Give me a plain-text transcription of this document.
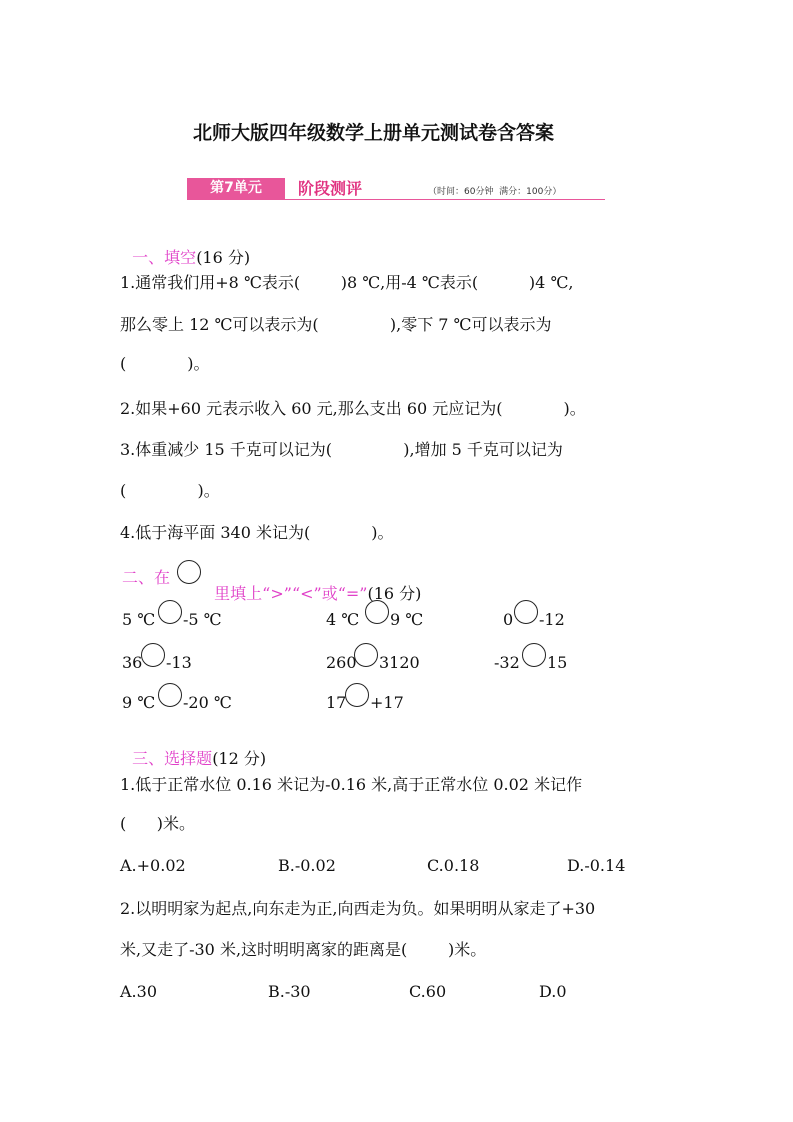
北师大版四年级数学上册单元测试卷含答案
第7单元	阶段测评	（时间：60分钟  满分：100分）

一、填空(16 分)

1.通常我们用+8 ℃表示(        )8 ℃,用-4 ℃表示(          )4 ℃,
那么零上 12 ℃可以表示为(              ),零下 7 ℃可以表示为
(            )。
2.如果+60 元表示收入 60 元,那么支出 60 元应记为(            )。
3.体重减少 15 千克可以记为(              ),增加 5 千克可以记为
(              )。
4.低于海平面 340 米记为(            )。
二、在

里填上“>”“<”或“=”(16 分)

5 ℃ -5 ℃	4 ℃ 9 ℃	0 -12
36 -13	260 3120	-32 15
9 ℃ -20 ℃	17 +17

三、选择题(12 分)

1.低于正常水位 0.16 米记为-0.16 米,高于正常水位 0.02 米记作
(      )米。
A.+0.02	B.-0.02	C.0.18	D.-0.14
2.以明明家为起点,向东走为正,向西走为负。如果明明从家走了+30
米,又走了-30 米,这时明明离家的距离是(        )米。
A.30	B.-30	C.60	D.0
